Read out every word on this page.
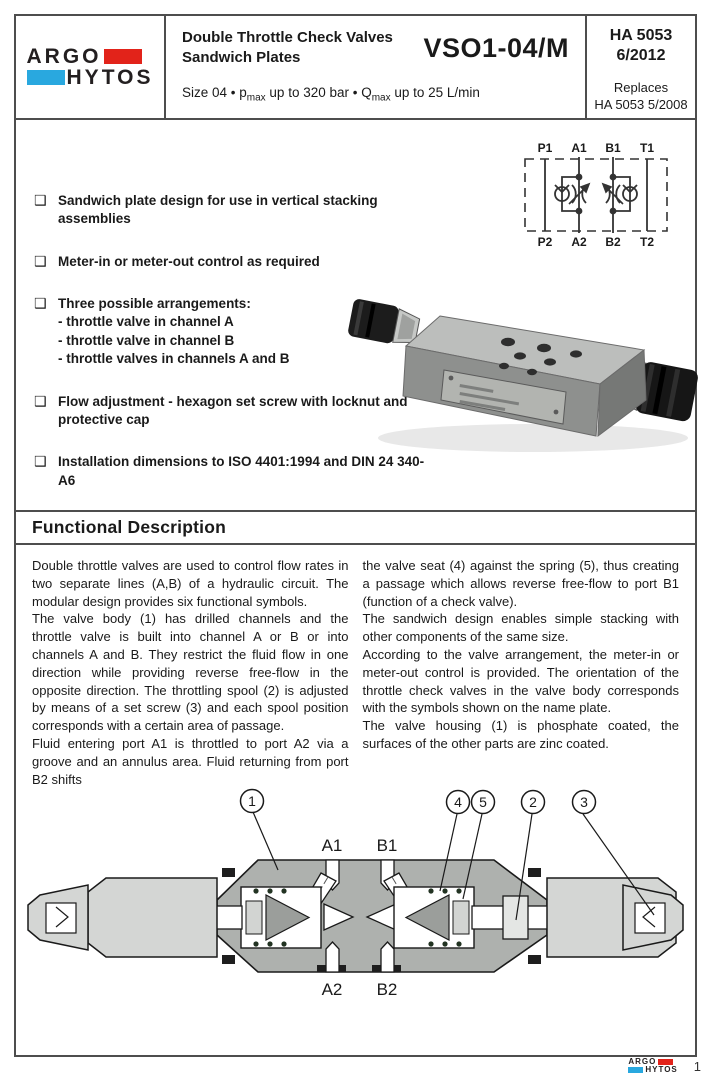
ARGO
HYTOS
Double Throttle Check Valves
Sandwich Plates	VSO1-04/M
Size 04 • $p_{max}$ up to 320 bar • $Q_{max}$ up to 25 L/min
HA 5053
6/2012
Replaces
HA 5053 5/2008
P1 A1 B1 T1
P2 A2 B2 T2
❑ Sandwich plate design for use in vertical stacking assemblies
❑ Meter-in or meter-out control as required
❑ Three possible arrangements:
- throttle valve in channel A
- throttle valve in channel B
- throttle valves in channels A and B
❑ Flow adjustment - hexagon set screw with locknut and protective cap
❑ Installation dimensions to ISO 4401:1994 and DIN 24 340-A6
Functional Description

Double throttle valves are used to control flow rates in two separate lines (A,B) of a hydraulic circuit. The modular design provides six functional symbols.

The valve body (1) has drilled channels and the throttle valve is built into channel A or B or into channels A and B. They restrict the fluid flow in one direction while providing reverse free-flow in the opposite direction. The throttling spool (2) is adjusted by means of a set screw (3) and each spool position corresponds with a certain area of passage.

Fluid entering port A1 is throttled to port A2 via a groove and an annulus area. Fluid returning from port B2 shifts

the valve seat (4) against the spring (5), thus creating a passage which allows reverse free-flow to port B1 (function of a check valve).

The sandwich design enables simple stacking with other components of the same size.

According to the valve arrangement, the meter-in or meter-out control is provided. The orientation of the throttle check valves in the valve body corresponds with the symbols shown on the name plate.

The valve housing (1) is phosphate coated, the surfaces of the other parts are zinc coated.

1	4 5	2	3
A1 B1
A2 B2
ARGO
HYTOS 1
